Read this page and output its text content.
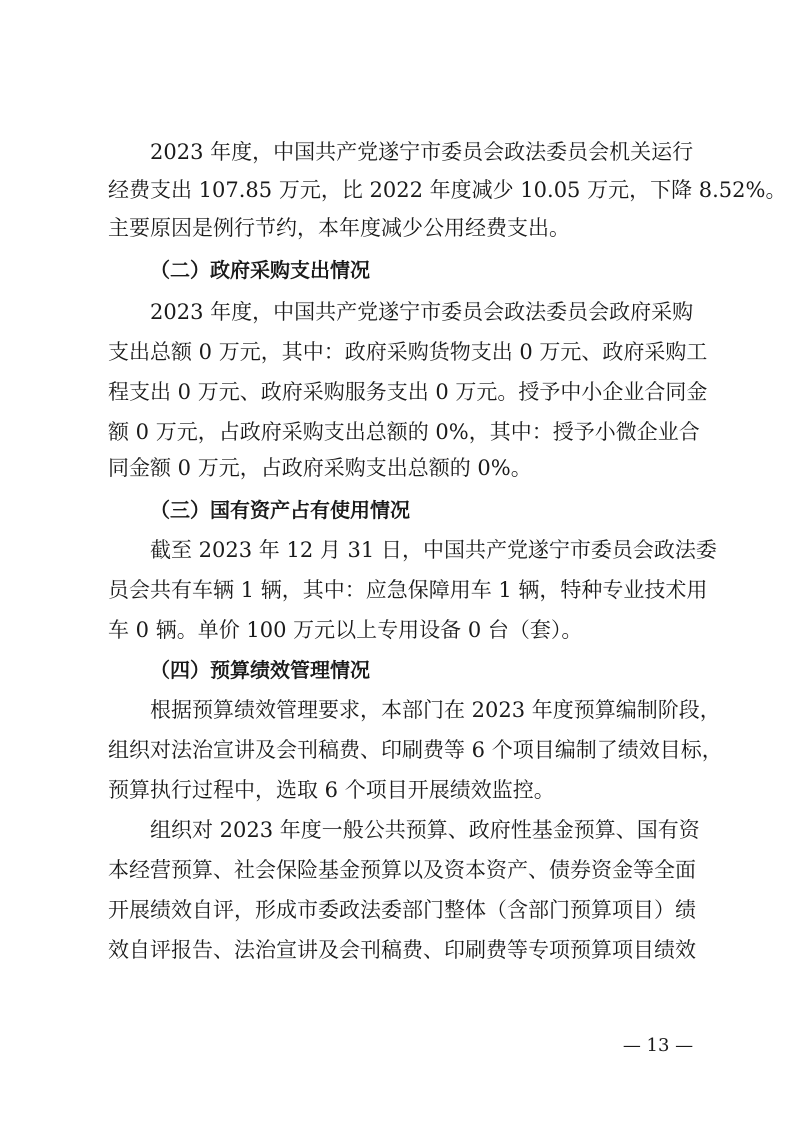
2023 年度，中国共产党遂宁市委员会政法委员会机关运行
经费支出 107.85 万元，比 2022 年度减少 10.05 万元，下降 8.52%。
主要原因是例行节约，本年度减少公用经费支出。
（二）政府采购支出情况
2023 年度，中国共产党遂宁市委员会政法委员会政府采购
支出总额 0 万元，其中：政府采购货物支出 0 万元、政府采购工
程支出 0 万元、政府采购服务支出 0 万元。授予中小企业合同金
额 0 万元，占政府采购支出总额的 0%，其中：授予小微企业合
同金额 0 万元，占政府采购支出总额的 0%。
（三）国有资产占有使用情况
截至 2023 年 12 月 31 日，中国共产党遂宁市委员会政法委
员会共有车辆 1 辆，其中：应急保障用车 1 辆，特种专业技术用
车 0 辆。单价 100 万元以上专用设备 0 台（套）。
（四）预算绩效管理情况
根据预算绩效管理要求，本部门在 2023 年度预算编制阶段，
组织对法治宣讲及会刊稿费、印刷费等 6 个项目编制了绩效目标，
预算执行过程中，选取 6 个项目开展绩效监控。
组织对 2023 年度一般公共预算、政府性基金预算、国有资
本经营预算、社会保险基金预算以及资本资产、债券资金等全面
开展绩效自评，形成市委政法委部门整体（含部门预算项目）绩
效自评报告、法治宣讲及会刊稿费、印刷费等专项预算项目绩效
— 13 —
